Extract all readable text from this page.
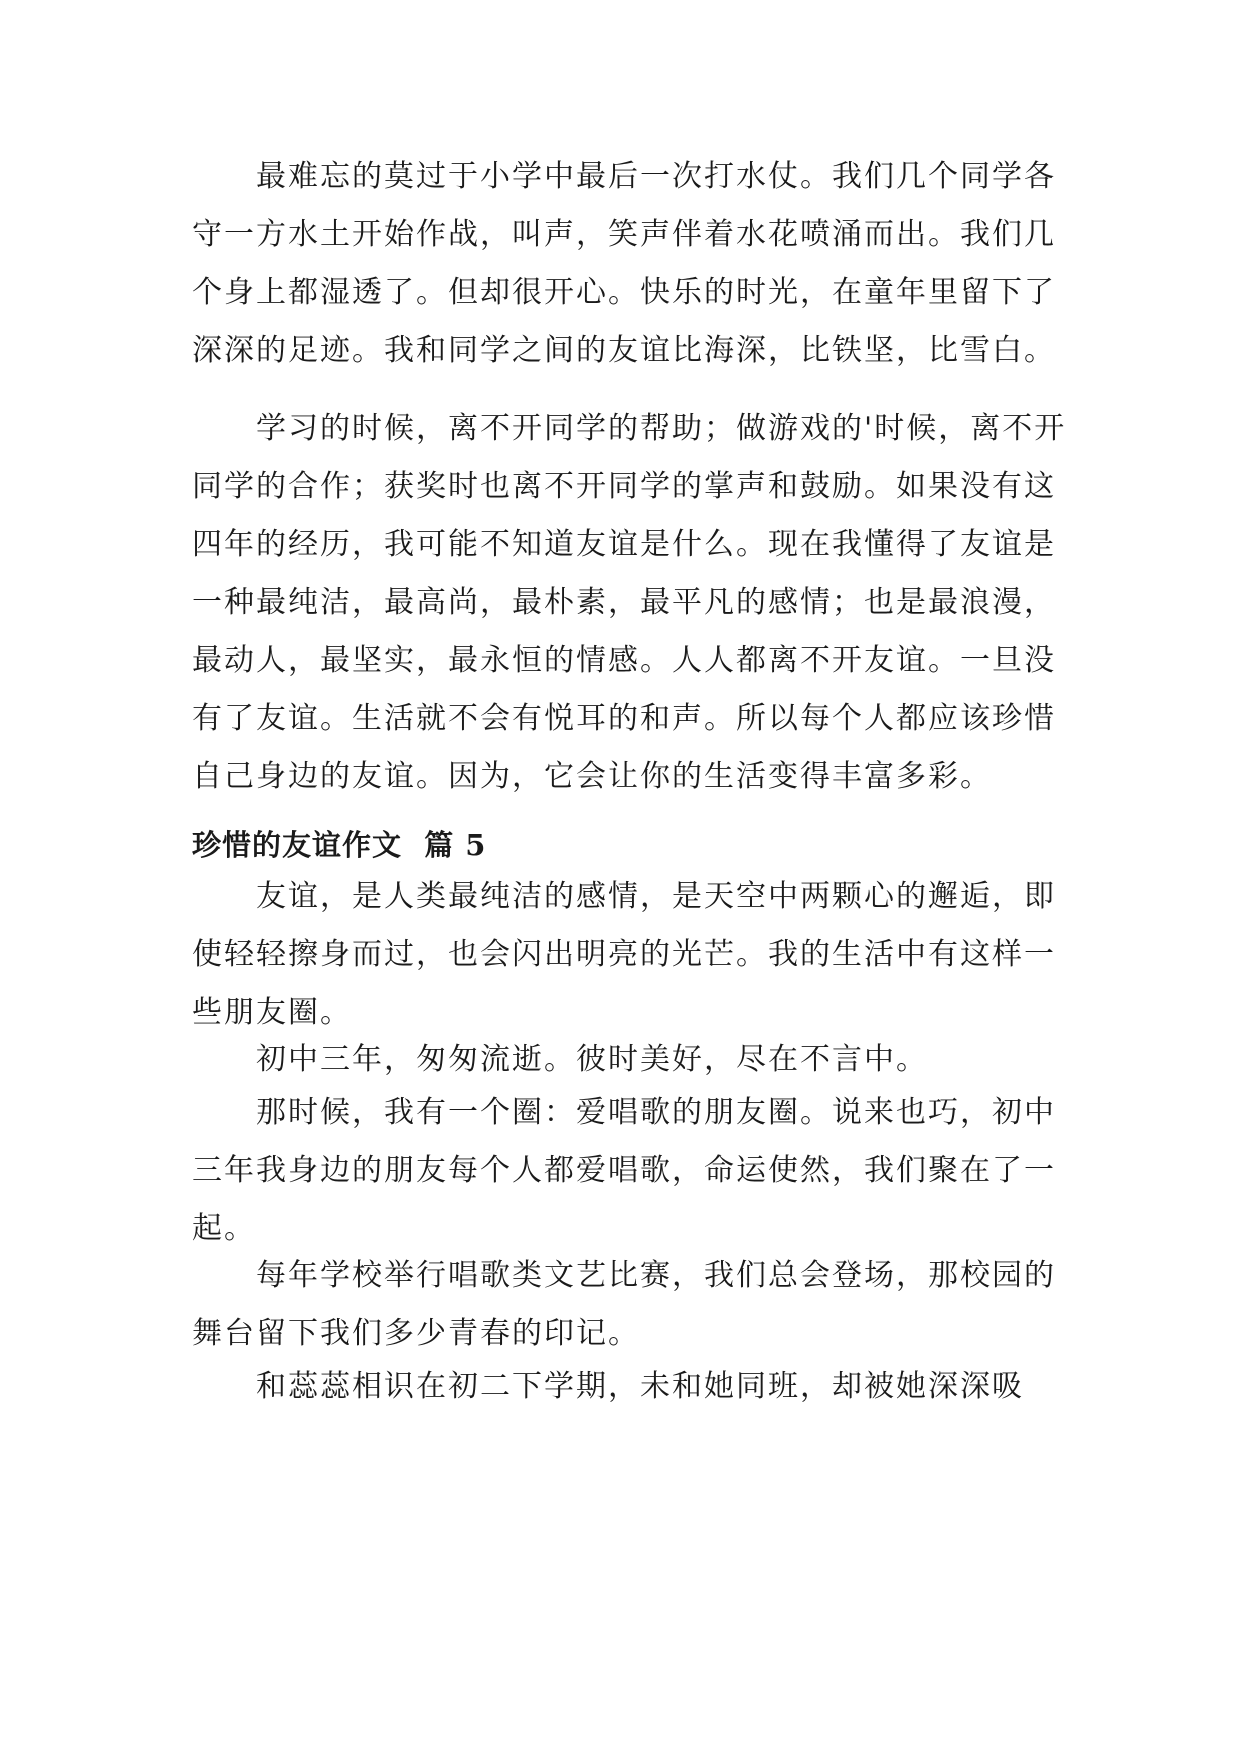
最难忘的莫过于小学中最后一次打水仗。我们几个同学各守一方水土开始作战，叫声，笑声伴着水花喷涌而出。我们几个身上都湿透了。但却很开心。快乐的时光，在童年里留下了深深的足迹。我和同学之间的友谊比海深，比铁坚，比雪白。

学习的时候，离不开同学的帮助；做游戏的'时候，离不开同学的合作；获奖时也离不开同学的掌声和鼓励。如果没有这四年的经历，我可能不知道友谊是什么。现在我懂得了友谊是一种最纯洁，最高尚，最朴素，最平凡的感情；也是最浪漫，最动人，最坚实，最永恒的情感。人人都离不开友谊。一旦没有了友谊。生活就不会有悦耳的和声。所以每个人都应该珍惜自己身边的友谊。因为，它会让你的生活变得丰富多彩。

珍惜的友谊作文  篇 5

友谊，是人类最纯洁的感情，是天空中两颗心的邂逅，即使轻轻擦身而过，也会闪出明亮的光芒。我的生活中有这样一些朋友圈。

初中三年，匆匆流逝。彼时美好，尽在不言中。

那时候，我有一个圈：爱唱歌的朋友圈。说来也巧，初中三年我身边的朋友每个人都爱唱歌，命运使然，我们聚在了一起。

每年学校举行唱歌类文艺比赛，我们总会登场，那校园的舞台留下我们多少青春的印记。

和蕊蕊相识在初二下学期，未和她同班，却被她深深吸
